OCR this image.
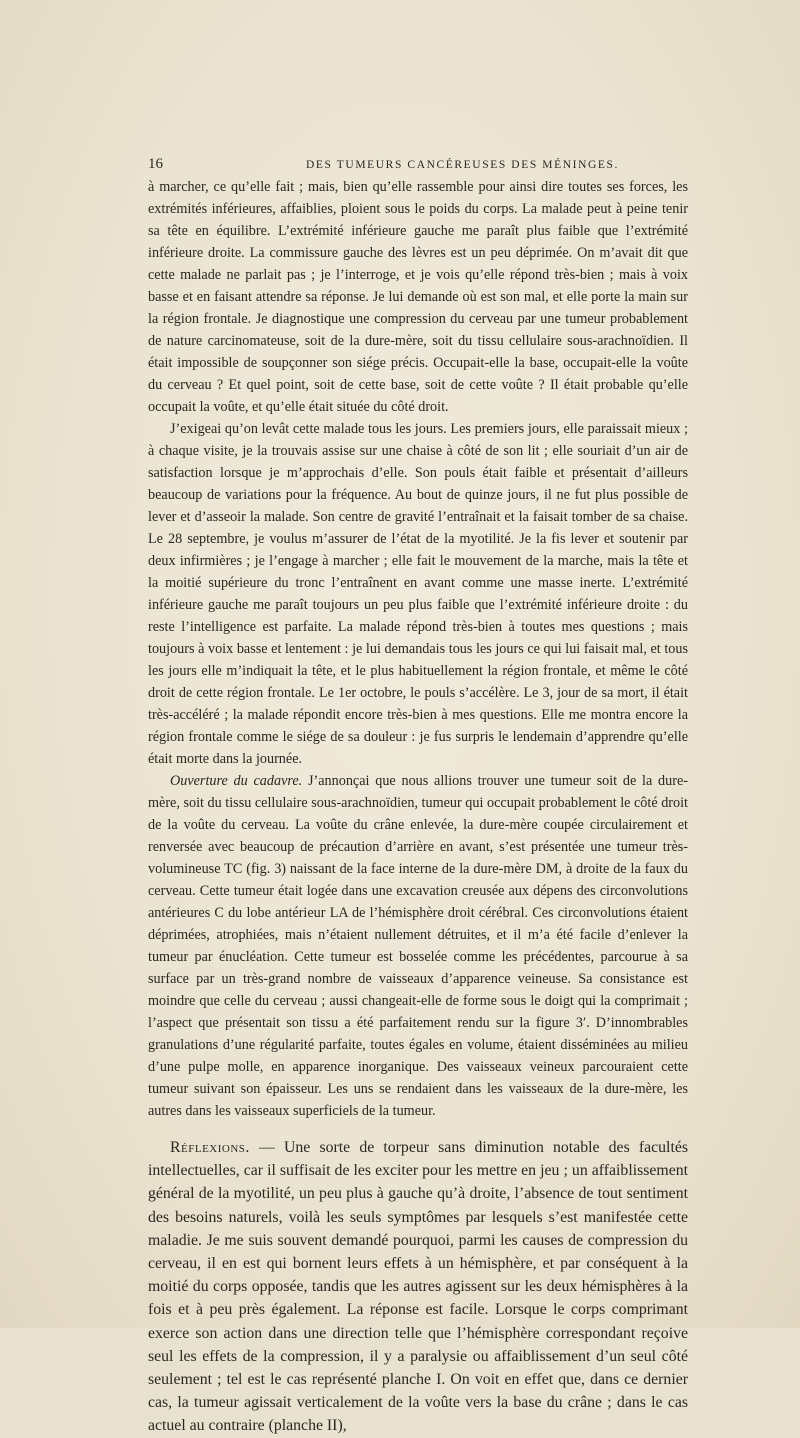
16	DES TUMEURS CANCÉREUSES DES MÉNINGES.

à marcher, ce qu’elle fait ; mais, bien qu’elle rassemble pour ainsi dire toutes ses forces, les extrémités inférieures, affaiblies, ploient sous le poids du corps. La malade peut à peine tenir sa tête en équilibre. L’extrémité inférieure gauche me paraît plus faible que l’extrémité inférieure droite. La commissure gauche des lèvres est un peu déprimée. On m’avait dit que cette malade ne parlait pas ; je l’interroge, et je vois qu’elle répond très-bien ; mais à voix basse et en faisant attendre sa réponse. Je lui demande où est son mal, et elle porte la main sur la région frontale. Je diagnostique une compression du cerveau par une tumeur probablement de nature carcinomateuse, soit de la dure-mère, soit du tissu cellulaire sous-arachnoïdien. Il était impossible de soupçonner son siége précis. Occupait-elle la base, occupait-elle la voûte du cerveau ? Et quel point, soit de cette base, soit de cette voûte ? Il était probable qu’elle occupait la voûte, et qu’elle était située du côté droit.

J’exigeai qu’on levât cette malade tous les jours. Les premiers jours, elle paraissait mieux ; à chaque visite, je la trouvais assise sur une chaise à côté de son lit ; elle souriait d’un air de satisfaction lorsque je m’approchais d’elle. Son pouls était faible et présentait d’ailleurs beaucoup de variations pour la fréquence. Au bout de quinze jours, il ne fut plus possible de lever et d’asseoir la malade. Son centre de gravité l’entraînait et la faisait tomber de sa chaise. Le 28 septembre, je voulus m’assurer de l’état de la myotilité. Je la fis lever et soutenir par deux infirmières ; je l’engage à marcher ; elle fait le mouvement de la marche, mais la tête et la moitié supérieure du tronc l’entraînent en avant comme une masse inerte. L’extrémité inférieure gauche me paraît toujours un peu plus faible que l’extrémité inférieure droite : du reste l’intelligence est parfaite. La malade répond très-bien à toutes mes questions ; mais toujours à voix basse et lentement : je lui demandais tous les jours ce qui lui faisait mal, et tous les jours elle m’indiquait la tête, et le plus habituellement la région frontale, et même le côté droit de cette région frontale. Le 1er octobre, le pouls s’accélère. Le 3, jour de sa mort, il était très-accéléré ; la malade répondit encore très-bien à mes questions. Elle me montra encore la région frontale comme le siége de sa douleur : je fus surpris le lendemain d’apprendre qu’elle était morte dans la journée.

Ouverture du cadavre. J’annonçai que nous allions trouver une tumeur soit de la dure-mère, soit du tissu cellulaire sous-arachnoïdien, tumeur qui occupait probablement le côté droit de la voûte du cerveau. La voûte du crâne enlevée, la dure-mère coupée circulairement et renversée avec beaucoup de précaution d’arrière en avant, s’est présentée une tumeur très-volumineuse TC (fig. 3) naissant de la face interne de la dure-mère DM, à droite de la faux du cerveau. Cette tumeur était logée dans une excavation creusée aux dépens des circonvolutions antérieures C du lobe antérieur LA de l’hémisphère droit cérébral. Ces circonvolutions étaient déprimées, atrophiées, mais n’étaient nullement détruites, et il m’a été facile d’enlever la tumeur par énucléation. Cette tumeur est bosselée comme les précédentes, parcourue à sa surface par un très-grand nombre de vaisseaux d’apparence veineuse. Sa consistance est moindre que celle du cerveau ; aussi changeait-elle de forme sous le doigt qui la comprimait ; l’aspect que présentait son tissu a été parfaitement rendu sur la figure 3′. D’innombrables granulations d’une régularité parfaite, toutes égales en volume, étaient disséminées au milieu d’une pulpe molle, en apparence inorganique. Des vaisseaux veineux parcouraient cette tumeur suivant son épaisseur. Les uns se rendaient dans les vaisseaux de la dure-mère, les autres dans les vaisseaux superficiels de la tumeur.

Réflexions. — Une sorte de torpeur sans diminution notable des facultés intellectuelles, car il suffisait de les exciter pour les mettre en jeu ; un affaiblissement général de la myotilité, un peu plus à gauche qu’à droite, l’absence de tout sentiment des besoins naturels, voilà les seuls symptômes par lesquels s’est manifestée cette maladie. Je me suis souvent demandé pourquoi, parmi les causes de compression du cerveau, il en est qui bornent leurs effets à un hémisphère, et par conséquent à la moitié du corps opposée, tandis que les autres agissent sur les deux hémisphères à la fois et à peu près également. La réponse est facile. Lorsque le corps comprimant exerce son action dans une direction telle que l’hémisphère correspondant reçoive seul les effets de la compression, il y a paralysie ou affaiblissement d’un seul côté seulement ; tel est le cas représenté planche I. On voit en effet que, dans ce dernier cas, la tumeur agissait verticalement de la voûte vers la base du crâne ; dans le cas actuel au contraire (planche II),
